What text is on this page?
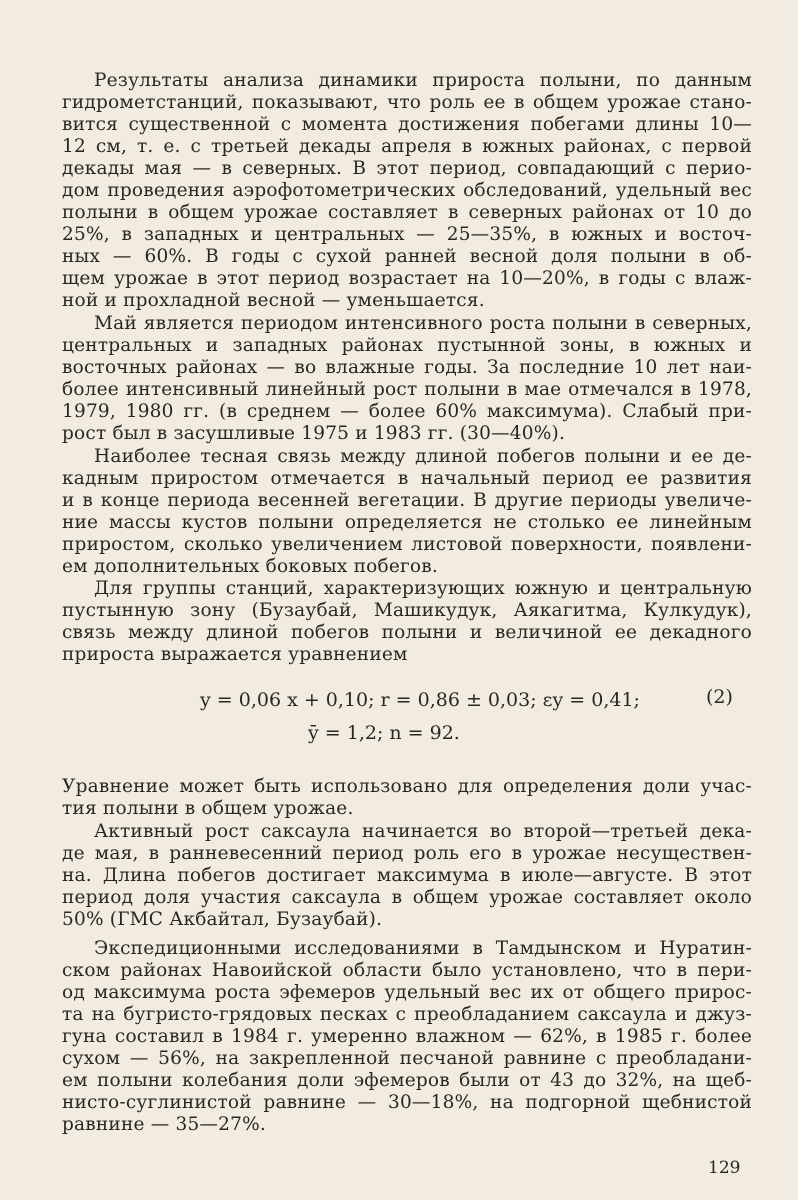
Результаты анализа динамики прироста полыни, по данным
гидрометстанций, показывают, что роль ее в общем урожае стано-
вится существенной с момента достижения побегами длины 10—
12 см, т. е. с третьей декады апреля в южных районах, с первой
декады мая — в северных. В этот период, совпадающий с перио-
дом проведения аэрофотометрических обследований, удельный вес
полыни в общем урожае составляет в северных районах от 10 до
25%, в западных и центральных — 25—35%, в южных и восточ-
ных — 60%. В годы с сухой ранней весной доля полыни в об-
щем урожае в этот период возрастает на 10—20%, в годы с влаж-
ной и прохладной весной — уменьшается.
Май является периодом интенсивного роста полыни в северных,
центральных и западных районах пустынной зоны, в южных и
восточных районах — во влажные годы. За последние 10 лет наи-
более интенсивный линейный рост полыни в мае отмечался в 1978,
1979, 1980 гг. (в среднем — более 60% максимума). Слабый при-
рост был в засушливые 1975 и 1983 гг. (30—40%).
Наиболее тесная связь между длиной побегов полыни и ее де-
кадным приростом отмечается в начальный период ее развития
и в конце периода весенней вегетации. В другие периоды увеличе-
ние массы кустов полыни определяется не столько ее линейным
приростом, сколько увеличением листовой поверхности, появлени-
ем дополнительных боковых побегов.
Для группы станций, характеризующих южную и центральную
пустынную зону (Бузаубай, Машикудук, Аякагитма, Кулкудук),
связь между длиной побегов полыни и величиной ее декадного
прироста выражается уравнением
y = 0,06 x + 0,10; r = 0,86 ± 0,03; εy = 0,41;	(2)
ȳ = 1,2; n = 92.
Уравнение может быть использовано для определения доли учас-
тия полыни в общем урожае.
Активный рост саксаула начинается во второй—третьей дека-
де мая, в ранневесенний период роль его в урожае несуществен-
на. Длина побегов достигает максимума в июле—августе. В этот
период доля участия саксаула в общем урожае составляет около
50% (ГМС Акбайтал, Бузаубай).
Экспедиционными исследованиями в Тамдынском и Нуратин-
ском районах Навоийской области было установлено, что в пери-
од максимума роста эфемеров удельный вес их от общего прирос-
та на бугристо-грядовых песках с преобладанием саксаула и джуз-
гуна составил в 1984 г. умеренно влажном — 62%, в 1985 г. более
сухом — 56%, на закрепленной песчаной равнине с преобладани-
ем полыни колебания доли эфемеров были от 43 до 32%, на щеб-
нисто-суглинистой равнине — 30—18%, на подгорной щебнистой
равнине — 35—27%.
129
